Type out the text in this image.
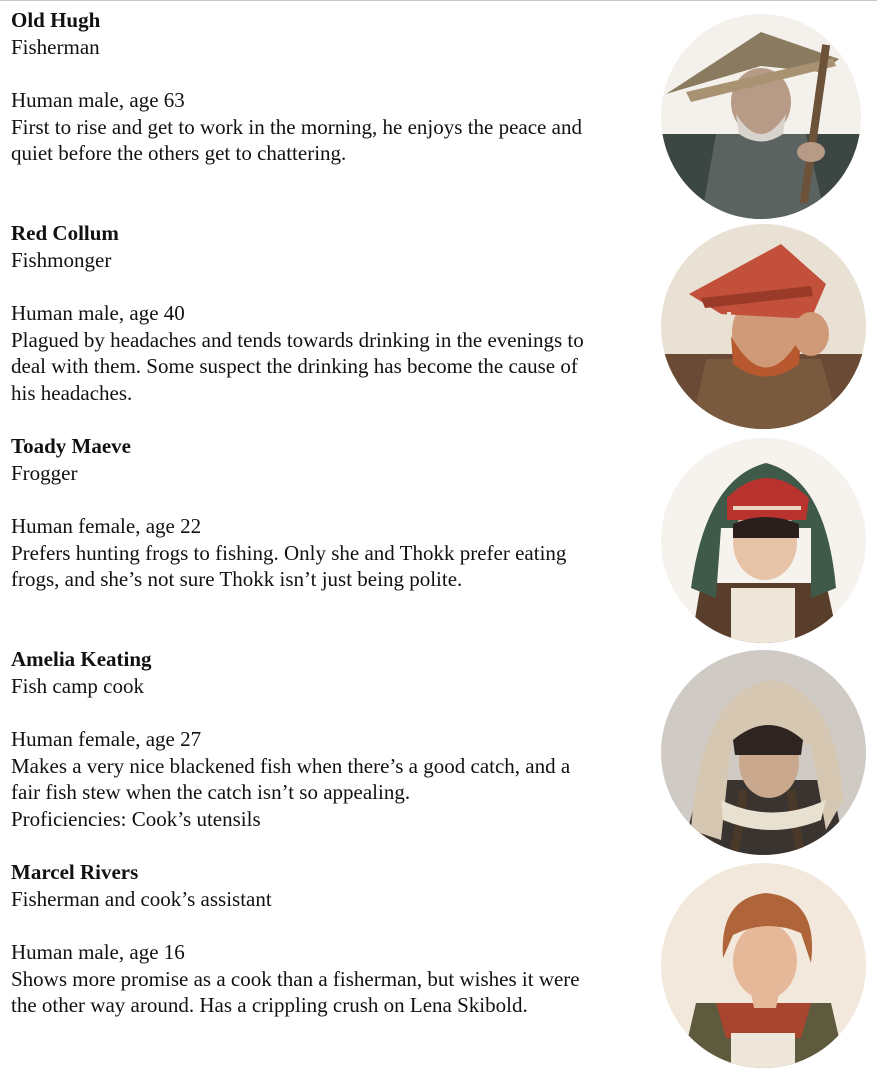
Old Hugh
Fisherman
Human male, age 63
First to rise and get to work in the morning, he enjoys the peace and
quiet before the others get to chattering.
Red Collum
Fishmonger
Human male, age 40
Plagued by headaches and tends towards drinking in the evenings to
deal with them. Some suspect the drinking has become the cause of
his headaches.
Toady Maeve
Frogger
Human female, age 22
Prefers hunting frogs to fishing. Only she and Thokk prefer eating
frogs, and she’s not sure Thokk isn’t just being polite.
Amelia Keating
Fish camp cook
Human female, age 27
Makes a very nice blackened fish when there’s a good catch, and a
fair fish stew when the catch isn’t so appealing.
Proficiencies: Cook’s utensils
Marcel Rivers
Fisherman and cook’s assistant
Human male, age 16
Shows more promise as a cook than a fisherman, but wishes it were
the other way around. Has a crippling crush on Lena Skibold.
